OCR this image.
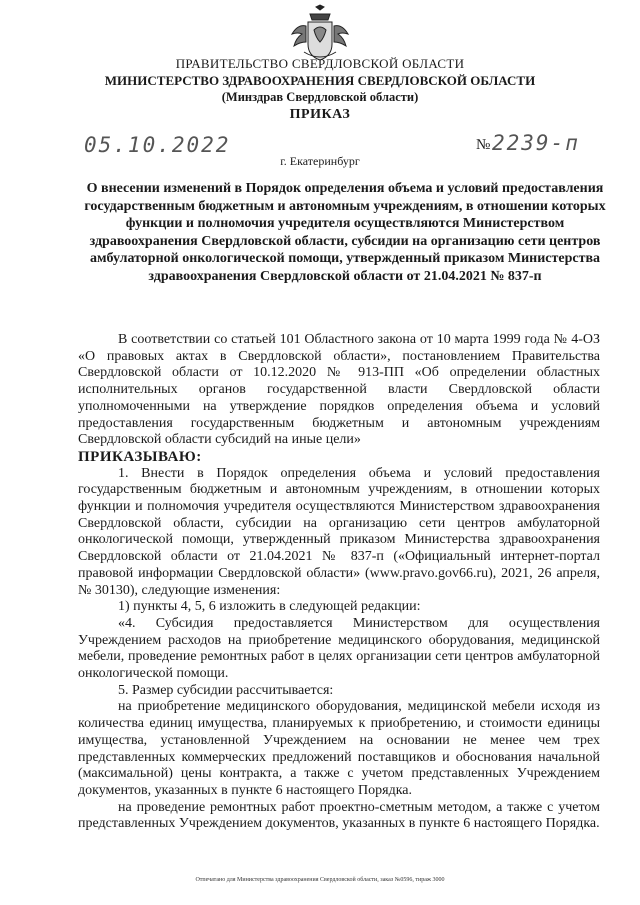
ПРАВИТЕЛЬСТВО СВЕРДЛОВСКОЙ ОБЛАСТИ
МИНИСТЕРСТВО ЗДРАВООХРАНЕНИЯ СВЕРДЛОВСКОЙ ОБЛАСТИ
(Минздрав Свердловской области)
ПРИКАЗ
05.10.2022	№ 2239-п
г. Екатеринбург
О внесении изменений в Порядок определения объема и условий предоставления государственным бюджетным и автономным учреждениям, в отношении которых функции и полномочия учредителя осуществляются Министерством здравоохранения Свердловской области, субсидии на организацию сети центров амбулаторной онкологической помощи, утвержденный приказом Министерства здравоохранения Свердловской области от 21.04.2021 № 837-п

В соответствии со статьей 101 Областного закона от 10 марта 1999 года № 4-ОЗ «О правовых актах в Свердловской области», постановлением Правительства Свердловской области от 10.12.2020 № 913-ПП «Об определении областных исполнительных органов государственной власти Свердловской области уполномоченными на утверждение порядков определения объема и условий предоставления государственным бюджетным и автономным учреждениям Свердловской области субсидий на иные цели»

ПРИКАЗЫВАЮ:

1. Внести в Порядок определения объема и условий предоставления государственным бюджетным и автономным учреждениям, в отношении которых функции и полномочия учредителя осуществляются Министерством здравоохранения Свердловской области, субсидии на организацию сети центров амбулаторной онкологической помощи, утвержденный приказом Министерства здравоохранения Свердловской области от 21.04.2021 № 837-п («Официальный интернет-портал правовой информации Свердловской области» (www.pravo.gov66.ru), 2021, 26 апреля, № 30130), следующие изменения:

1) пункты 4, 5, 6 изложить в следующей редакции:

«4. Субсидия предоставляется Министерством для осуществления Учреждением расходов на приобретение медицинского оборудования, медицинской мебели, проведение ремонтных работ в целях организации сети центров амбулаторной онкологической помощи.

5. Размер субсидии рассчитывается:

на приобретение медицинского оборудования, медицинской мебели исходя из количества единиц имущества, планируемых к приобретению, и стоимости единицы имущества, установленной Учреждением на основании не менее чем трех представленных коммерческих предложений поставщиков и обоснования начальной (максимальной) цены контракта, а также с учетом представленных Учреждением документов, указанных в пункте 6 настоящего Порядка.

на проведение ремонтных работ проектно-сметным методом, а также с учетом представленных Учреждением документов, указанных в пункте 6 настоящего Порядка.

Отпечатано для Министерства здравоохранения Свердловской области, заказ №0596, тираж 3000
